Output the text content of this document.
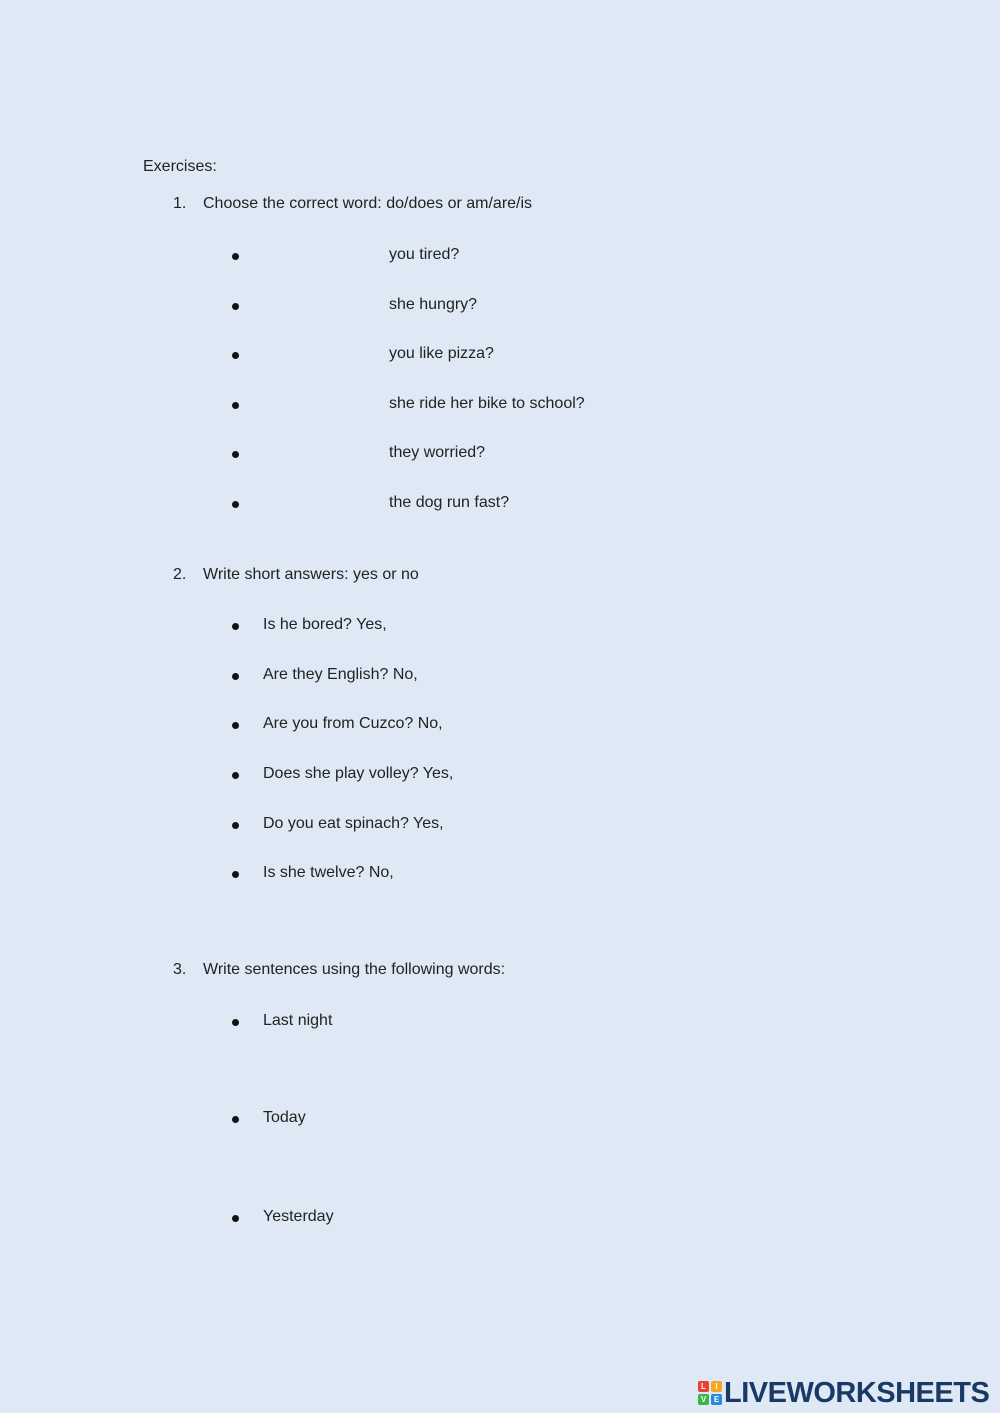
Exercises:
1. Choose the correct word: do/does or am/are/is
you tired?
she hungry?
you like pizza?
she ride her bike to school?
they worried?
the dog run fast?
2. Write short answers: yes or no
Is he bored? Yes,
Are they English? No,
Are you from Cuzco? No,
Does she play volley? Yes,
Do you eat spinach? Yes,
Is she twelve? No,
3. Write sentences using the following words:
Last night
Today
Yesterday
L	I
V E LIVEWORKSHEETS
